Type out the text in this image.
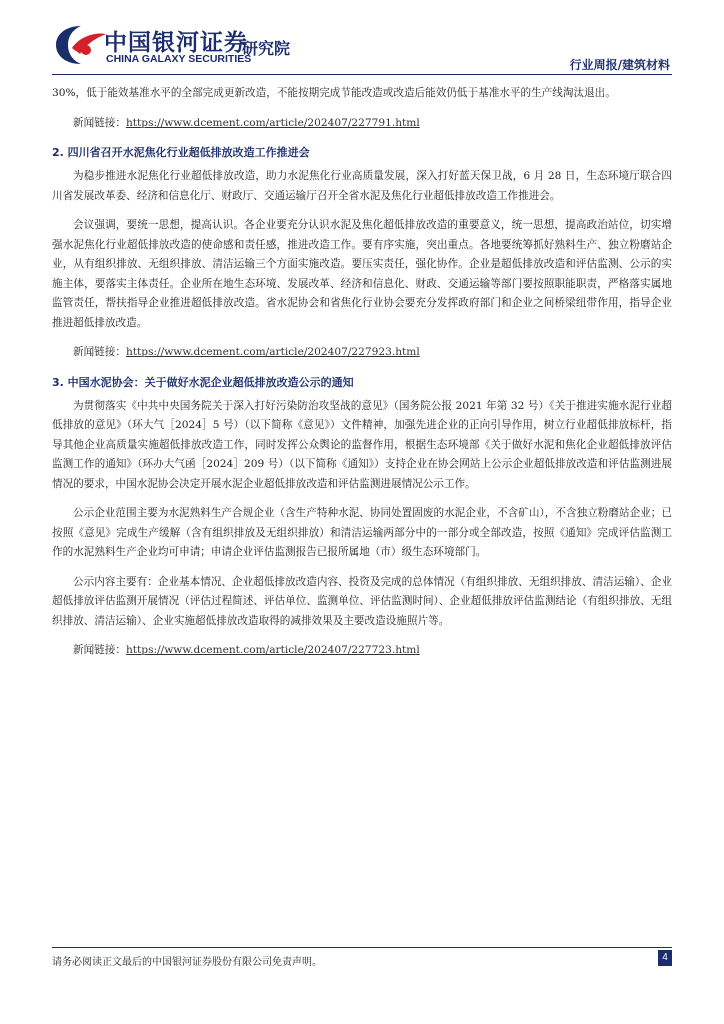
中国银河证券
CHINA GALAXY SECURITIES
研究院
行业周报/建筑材料

30%，低于能效基准水平的全部完成更新改造，不能按期完成节能改造或改造后能效仍低于基准水平的生产线淘汰退出。

新闻链接：https://www.dcement.com/article/202407/227791.html

2. 四川省召开水泥焦化行业超低排放改造工作推进会

为稳步推进水泥焦化行业超低排放改造，助力水泥焦化行业高质量发展，深入打好蓝天保卫战，6 月 28 日，生态环境厅联合四川省发展改革委、经济和信息化厅、财政厅、交通运输厅召开全省水泥及焦化行业超低排放改造工作推进会。

会议强调，要统一思想，提高认识。各企业要充分认识水泥及焦化超低排放改造的重要意义，统一思想，提高政治站位，切实增强水泥焦化行业超低排放改造的使命感和责任感，推进改造工作。要有序实施，突出重点。各地要统筹抓好熟料生产、独立粉磨站企业，从有组织排放、无组织排放、清洁运输三个方面实施改造。要压实责任，强化协作。企业是超低排放改造和评估监测、公示的实施主体，要落实主体责任。企业所在地生态环境、发展改革、经济和信息化、财政、交通运输等部门要按照职能职责，严格落实属地监管责任，帮扶指导企业推进超低排放改造。省水泥协会和省焦化行业协会要充分发挥政府部门和企业之间桥梁纽带作用，指导企业推进超低排放改造。

新闻链接：https://www.dcement.com/article/202407/227923.html

3. 中国水泥协会：关于做好水泥企业超低排放改造公示的通知

为贯彻落实《中共中央国务院关于深入打好污染防治攻坚战的意见》（国务院公报 2021 年第 32 号）《关于推进实施水泥行业超低排放的意见》（环大气［2024］5 号）（以下简称《意见》）文件精神，加强先进企业的正向引导作用，树立行业超低排放标杆，指导其他企业高质量实施超低排放改造工作，同时发挥公众舆论的监督作用，根据生态环境部《关于做好水泥和焦化企业超低排放评估监测工作的通知》（环办大气函［2024］209 号）（以下简称《通知》）支持企业在协会网站上公示企业超低排放改造和评估监测进展情况的要求，中国水泥协会决定开展水泥企业超低排放改造和评估监测进展情况公示工作。

公示企业范围主要为水泥熟料生产合规企业（含生产特种水泥、协同处置固废的水泥企业，不含矿山），不含独立粉磨站企业；已按照《意见》完成生产缓解（含有组织排放及无组织排放）和清洁运输两部分中的一部分或全部改造，按照《通知》完成评估监测工作的水泥熟料生产企业均可申请；申请企业评估监测报告已报所属地（市）级生态环境部门。

公示内容主要有：企业基本情况、企业超低排放改造内容、投资及完成的总体情况（有组织排放、无组织排放、清洁运输）、企业超低排放评估监测开展情况（评估过程简述、评估单位、监测单位、评估监测时间）、企业超低排放评估监测结论（有组织排放、无组织排放、清洁运输）、企业实施超低排放改造取得的减排效果及主要改造设施照片等。

新闻链接：https://www.dcement.com/article/202407/227723.html

请务必阅读正文最后的中国银河证券股份有限公司免责声明。	4
